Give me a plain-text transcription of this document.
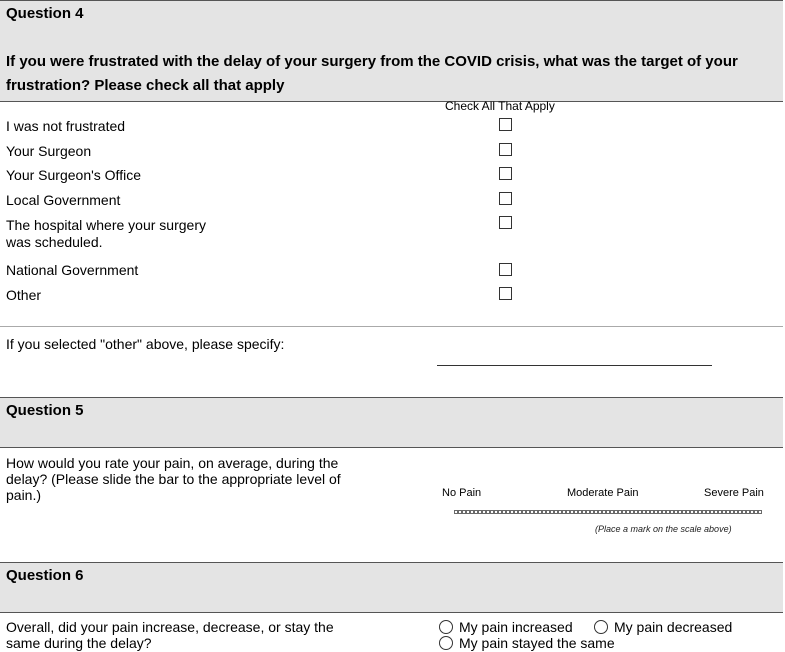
Question 4
If you were frustrated with the delay of your surgery from the COVID crisis, what was the target of your frustration? Please check all that apply
Check All That Apply
I was not frustrated
Your Surgeon
Your Surgeon's Office
Local Government
The hospital where your surgery was scheduled.
National Government
Other
If you selected "other" above, please specify:
Question 5
How would you rate your pain, on average, during the delay? (Please slide the bar to the appropriate level of pain.)	No Pain	Moderate Pain	Severe Pain
(Place a mark on the scale above)
Question 6
Overall, did your pain increase, decrease, or stay the same during the delay?
My pain increased	My pain decreased
My pain stayed the same
